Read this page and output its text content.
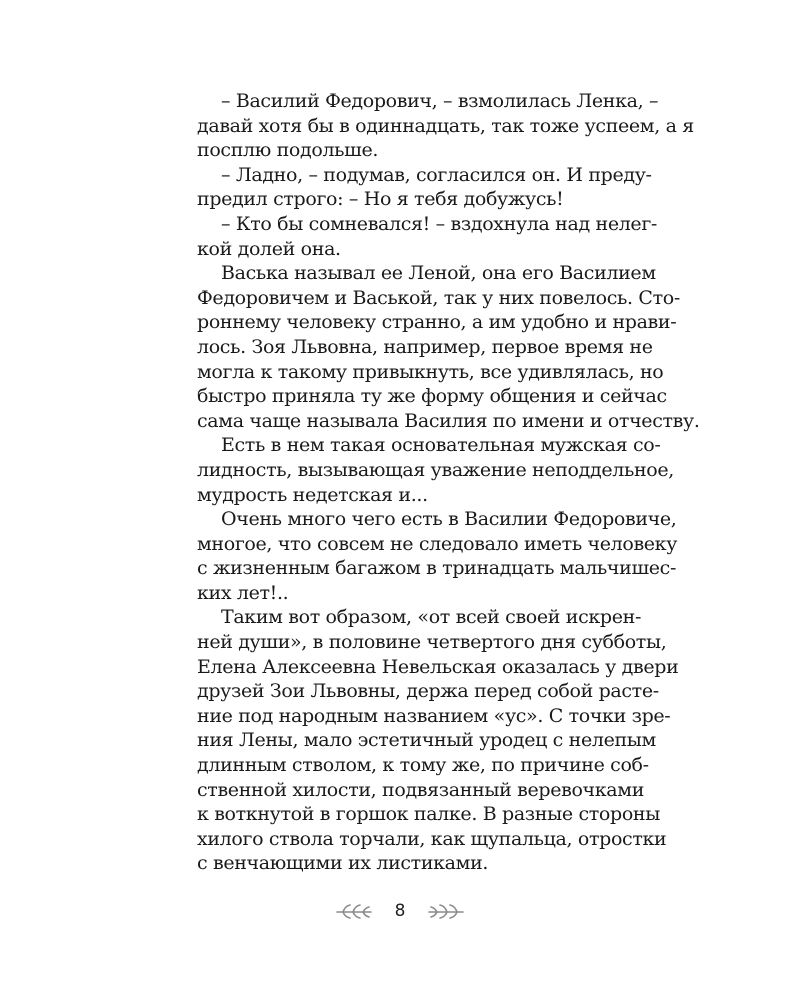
– Василий Федорович, – взмолилась Ленка, –
давай хотя бы в одиннадцать, так тоже успеем, а я
посплю подольше.
– Ладно, – подумав, согласился он. И преду-
предил строго: – Но я тебя добужусь!
– Кто бы сомневался! – вздохнула над нелег-
кой долей она.
Васька называл ее Леной, она его Василием
Федоровичем и Васькой, так у них повелось. Сто-
роннему человеку странно, а им удобно и нрави-
лось. Зоя Львовна, например, первое время не
могла к такому привыкнуть, все удивлялась, но
быстро приняла ту же форму общения и сейчас
сама чаще называла Василия по имени и отчеству.
Есть в нем такая основательная мужская со-
лидность, вызывающая уважение неподдельное,
мудрость недетская и...
Очень много чего есть в Василии Федоровиче,
многое, что совсем не следовало иметь человеку
с жизненным багажом в тринадцать мальчишес-
ких лет!..
Таким вот образом, «от всей своей искрен-
ней души», в половине четвертого дня субботы,
Елена Алексеевна Невельская оказалась у двери
друзей Зои Львовны, держа перед собой расте-
ние под народным названием «ус». С точки зре-
ния Лены, мало эстетичный уродец с нелепым
длинным стволом, к тому же, по причине соб-
ственной хилости, подвязанный веревочками
к воткнутой в горшок палке. В разные стороны
хилого ствола торчали, как щупальца, отростки
с венчающими их листиками.
8
